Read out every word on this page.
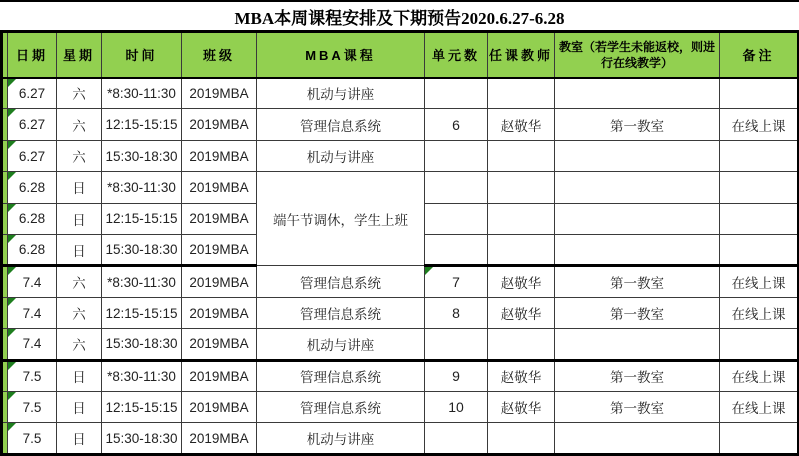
MBA本周课程安排及下期预告2020.6.27-6.28
	日期	星期	时间	班级	MBA课程	单元数	任课教师	教室（若学生未能返校，则进行在线教学）	备注

6.27	六	*8:30-11:30	2019MBA	机动与讲座				

6.27	六	12:15-15:15	2019MBA	管理信息系统	6	赵敬华	第一教室	在线上课

6.27	六	15:30-18:30	2019MBA	机动与讲座				

6.28	日	*8:30-11:30	2019MBA	端午节调休，学生上班				

6.28	日	12:15-15:15	2019MBA					

6.28	日	15:30-18:30	2019MBA					

7.4	六	*8:30-11:30	2019MBA	管理信息系统	7	赵敬华	第一教室	在线上课

7.4	六	12:15-15:15	2019MBA	管理信息系统	8	赵敬华	第一教室	在线上课

7.4	六	15:30-18:30	2019MBA	机动与讲座				

7.5	日	*8:30-11:30	2019MBA	管理信息系统	9	赵敬华	第一教室	在线上课

7.5	日	12:15-15:15	2019MBA	管理信息系统	10	赵敬华	第一教室	在线上课

7.5	日	15:30-18:30	2019MBA	机动与讲座				
